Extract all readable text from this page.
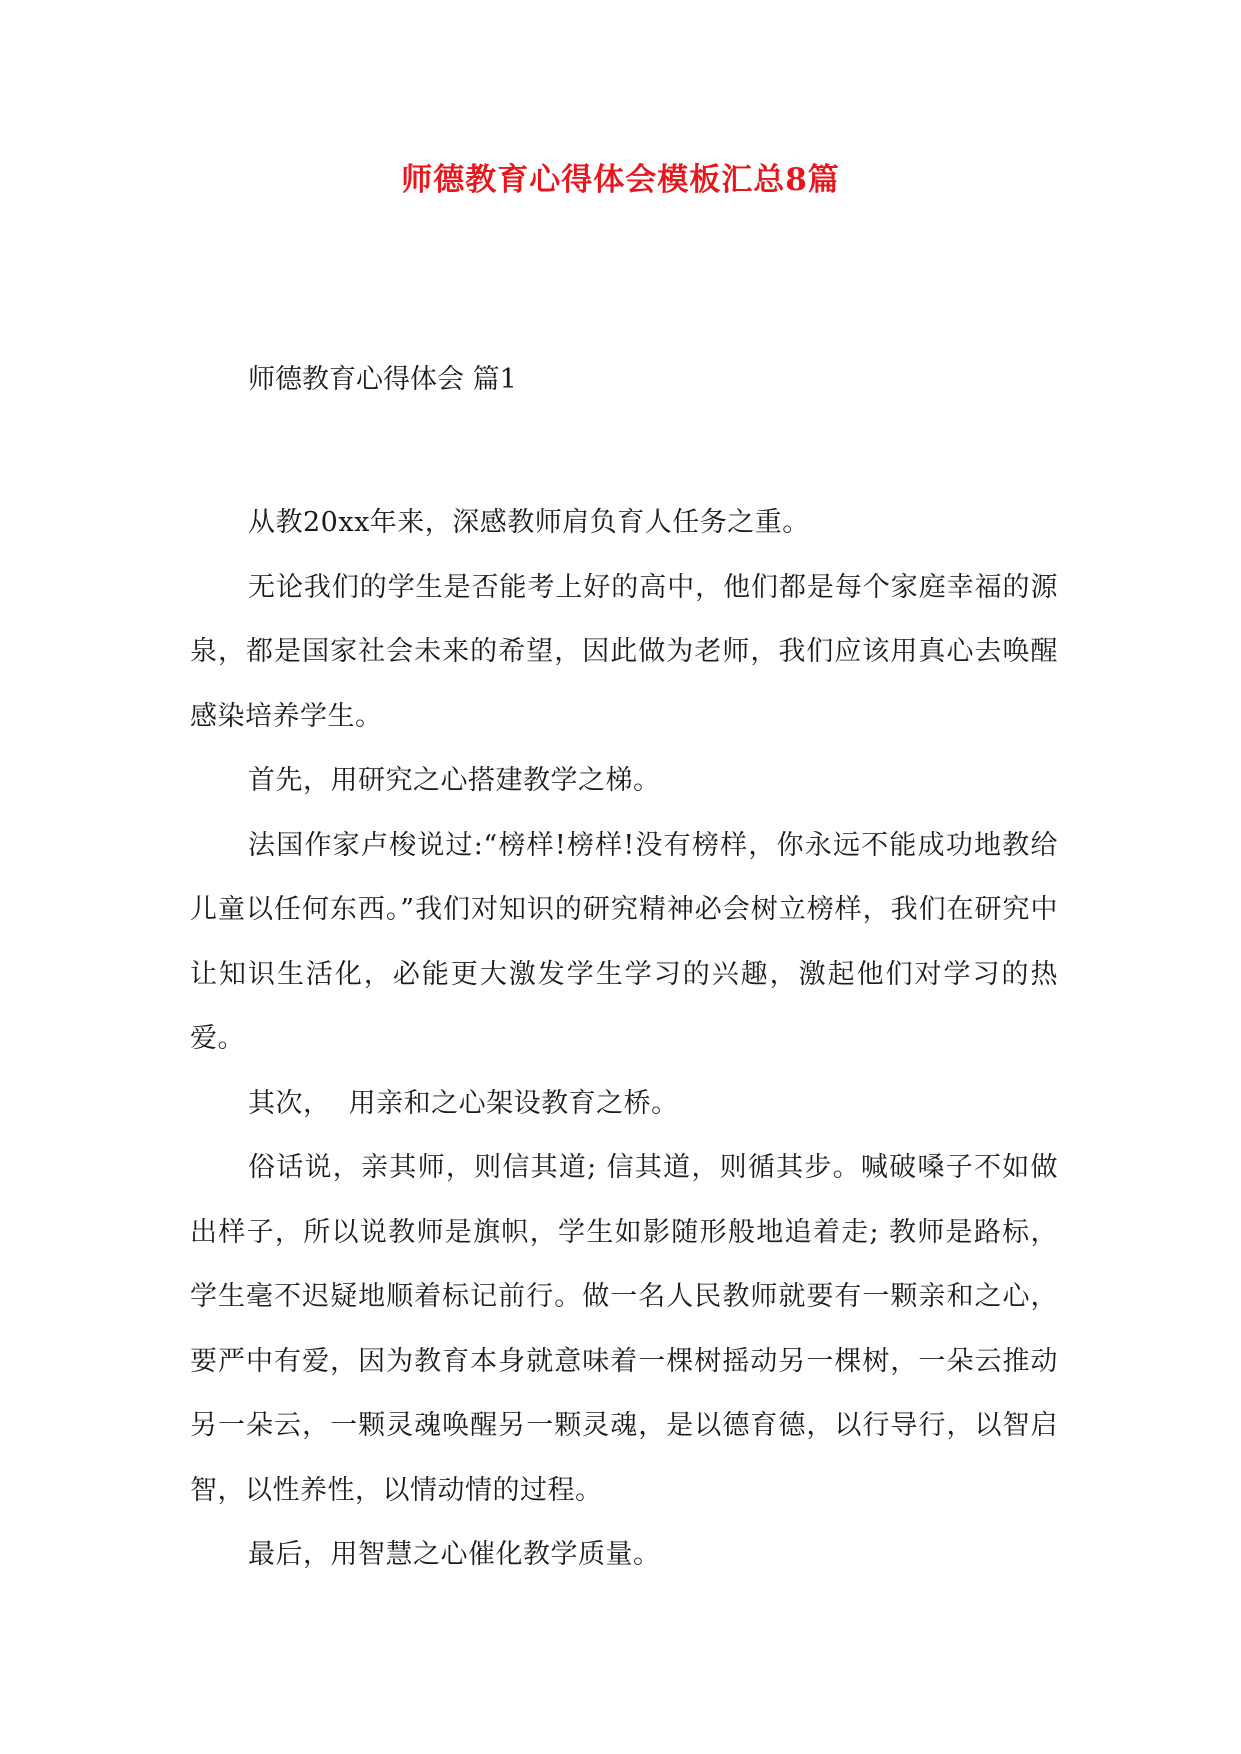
师德教育心得体会模板汇总8篇
师德教育心得体会 篇1

从教20xx年来，深感教师肩负育人任务之重。

无论我们的学生是否能考上好的高中，他们都是每个家庭幸福的源泉，都是国家社会未来的希望，因此做为老师，我们应该用真心去唤醒感染培养学生。

首先，用研究之心搭建教学之梯。

法国作家卢梭说过:“榜样!榜样!没有榜样，你永远不能成功地教给儿童以任何东西。”我们对知识的研究精神必会树立榜样，我们在研究中让知识生活化，必能更大激发学生学习的兴趣，激起他们对学习的热爱。

其次，  用亲和之心架设教育之桥。

俗话说，亲其师，则信其道; 信其道，则循其步。喊破嗓子不如做出样子，所以说教师是旗帜，学生如影随形般地追着走; 教师是路标，学生毫不迟疑地顺着标记前行。做一名人民教师就要有一颗亲和之心，要严中有爱，因为教育本身就意味着一棵树摇动另一棵树，一朵云推动另一朵云，一颗灵魂唤醒另一颗灵魂，是以德育德，以行导行，以智启智，以性养性，以情动情的过程。

最后，用智慧之心催化教学质量。
